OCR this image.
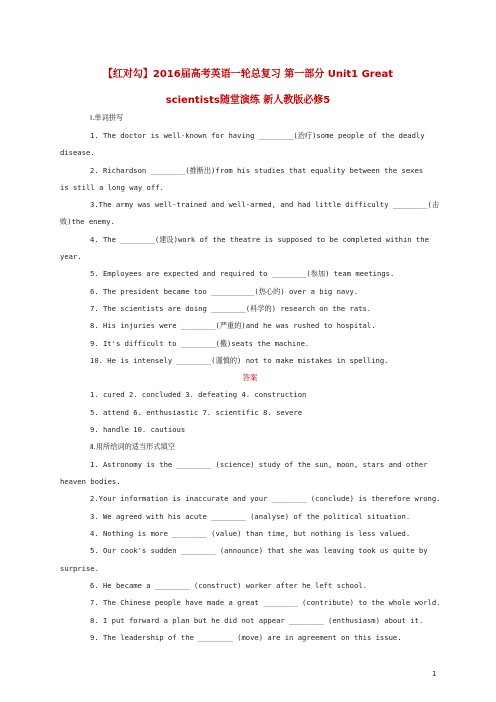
【红对勾】2016届高考英语一轮总复习 第一部分 Unit1 Great
scientists随堂演练 新人教版必修5
Ⅰ.单词拼写
1. The doctor is well-known for having ________(治疗)some people of the deadly
disease.
2. Richardson ________(推断出)from his studies that equality between the sexes
is still a long way off.
3.The army was well-trained and well-armed, and had little difficulty ________(击
败)the enemy.
4. The ________(建设)work of the theatre is supposed to be completed within the
year.
5. Employees are expected and required to ________(参加) team meetings.
6. The president became too __________(热心的) over a big navy.
7. The scientists are doing ________(科学的) research on the rats.
8. His injuries were ________(严重的)and he was rushed to hospital.
9. It's difficult to ________(搬)seats the machine.
10. He is intensely ________(谨慎的) not to make mistakes in spelling.
答案
1. cured 2. concluded 3. defeating 4. construction
5. attend 6. enthusiastic 7. scientific 8. severe
9. handle 10. cautious
Ⅱ.用所给词的适当形式填空
1. Astronomy is the ________ (science) study of the sun, moon, stars and other
heaven bodies.
2.Your information is inaccurate and your ________ (conclude) is therefore wrong.
3. We agreed with his acute ________ (analyse) of the political situation.
4. Nothing is more ________ (value) than time, but nothing is less valued.
5. Our cook's sudden ________ (announce) that she was leaving took us quite by
surprise.
6. He became a ________ (construct) worker after he left school.
7. The Chinese people have made a great ________ (contribute) to the whole world.
8. I put forward a plan but he did not appear ________ (enthusiasm) about it.
9. The leadership of the ________ (move) are in agreement on this issue.
1
